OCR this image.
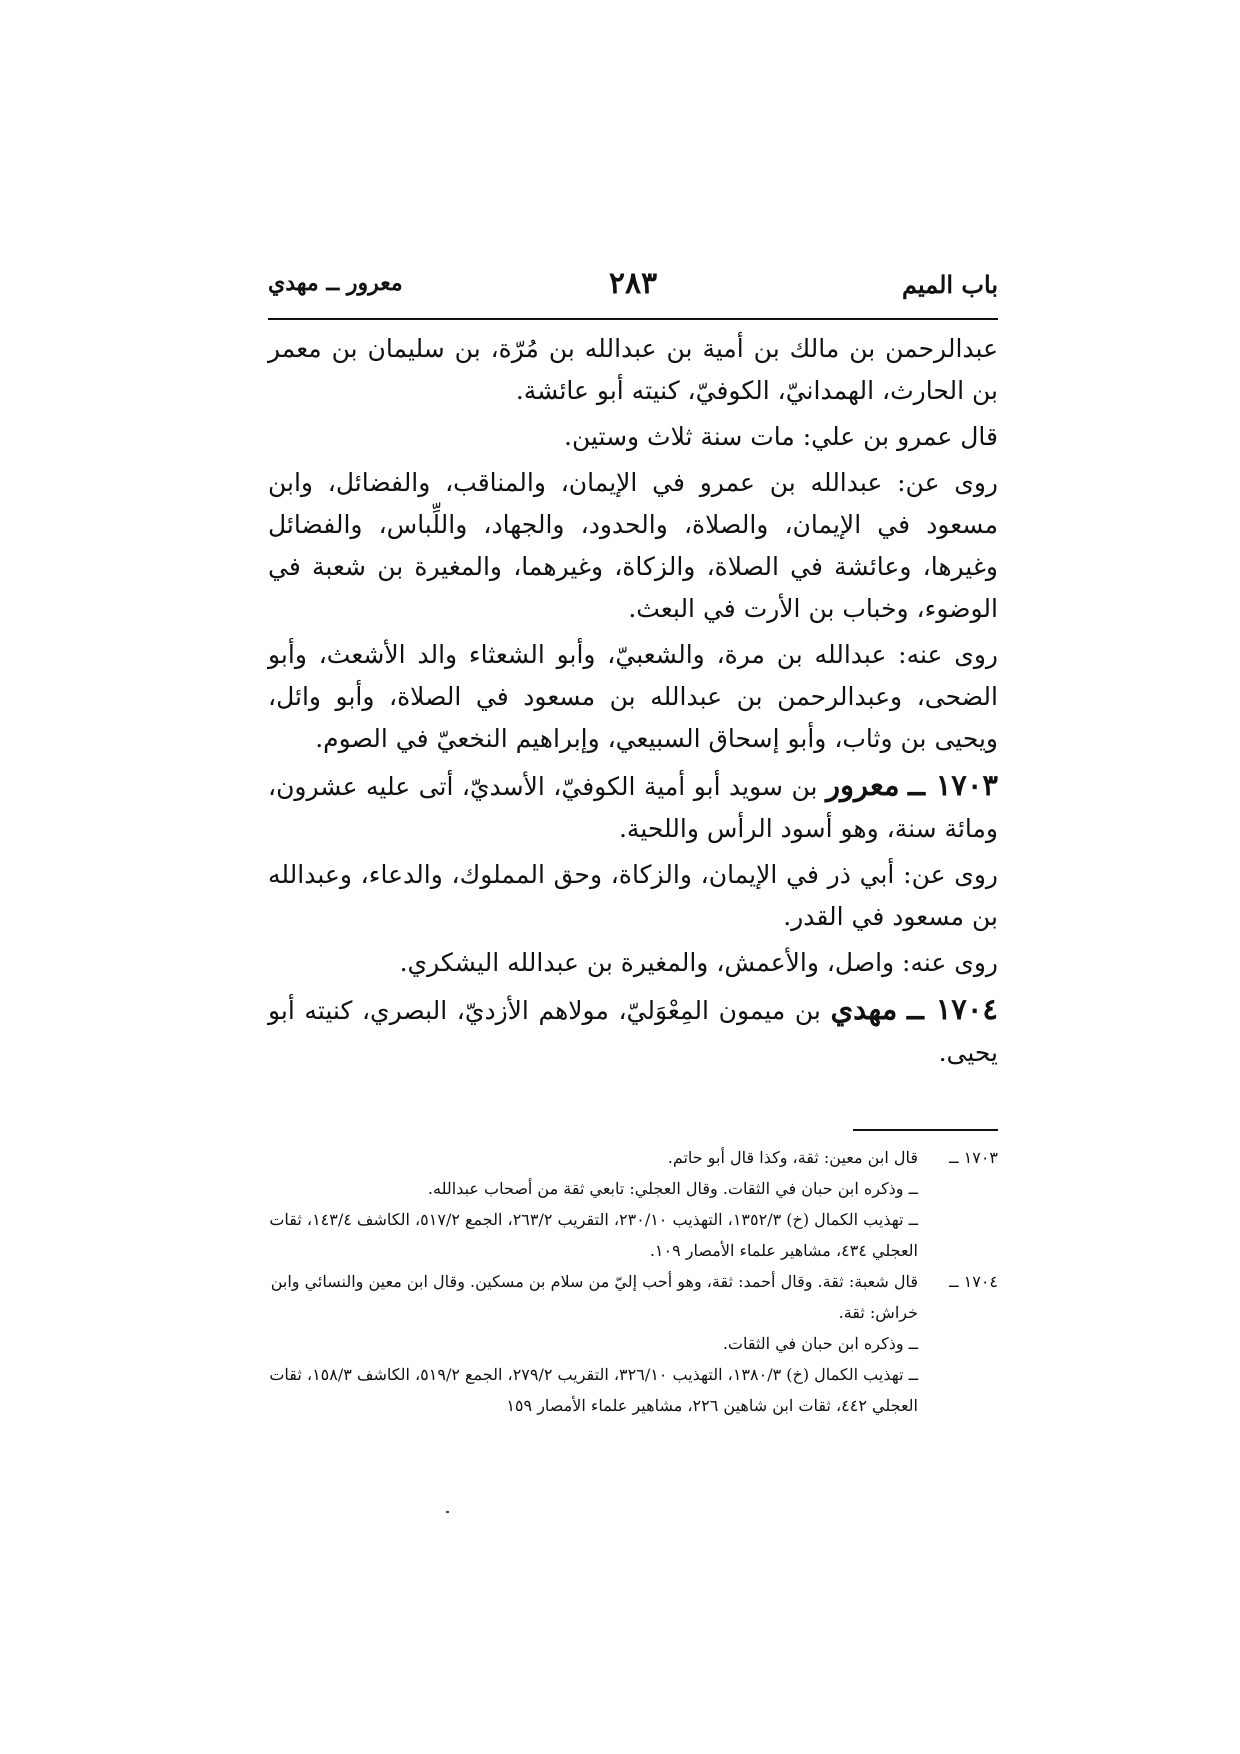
باب الميم
٢٨٣
معرور ــ مهدي

عبدالرحمن بن مالك بن أمية بن عبدالله بن مُرّة، بن سليمان بن معمر بن الحارث، الهمدانيّ، الكوفيّ، كنيته أبو عائشة.

قال عمرو بن علي: مات سنة ثلاث وستين.

روى عن: عبدالله بن عمرو في الإيمان، والمناقب، والفضائل، وابن مسعود في الإيمان، والصلاة، والحدود، والجهاد، واللِّباس، والفضائل وغيرها، وعائشة في الصلاة، والزكاة، وغيرهما، والمغيرة بن شعبة في الوضوء، وخباب بن الأرت في البعث.

روى عنه: عبدالله بن مرة، والشعبيّ، وأبو الشعثاء والد الأشعث، وأبو الضحى، وعبدالرحمن بن عبدالله بن مسعود في الصلاة، وأبو وائل، ويحيى بن وثاب، وأبو إسحاق السبيعي، وإبراهيم النخعيّ في الصوم.

١٧٠٣ ــ معرور بن سويد أبو أمية الكوفيّ، الأسديّ، أتى عليه عشرون، ومائة سنة، وهو أسود الرأس واللحية.

روى عن: أبي ذر في الإيمان، والزكاة، وحق المملوك، والدعاء، وعبدالله بن مسعود في القدر.

روى عنه: واصل، والأعمش، والمغيرة بن عبدالله اليشكري.

١٧٠٤ ــ مهدي بن ميمون المِعْوَليّ، مولاهم الأزديّ، البصري، كنيته أبو يحيى.

١٧٠٣ ــ
قال ابن معين: ثقة، وكذا قال أبو حاتم.
ــ وذكره ابن حبان في الثقات. وقال العجلي: تابعي ثقة من أصحاب عبدالله.
ــ تهذيب الكمال (خ) ١٣٥٢/٣، التهذيب ٢٣٠/١٠، التقريب ٢٦٣/٢، الجمع ٥١٧/٢، الكاشف ١٤٣/٤، ثقات العجلي ٤٣٤، مشاهير علماء الأمصار ١٠٩.
١٧٠٤ ــ
قال شعبة: ثقة. وقال أحمد: ثقة، وهو أحب إليّ من سلام بن مسكين. وقال ابن معين والنسائي وابن خراش: ثقة.
ــ وذكره ابن حبان في الثقات.
ــ تهذيب الكمال (خ) ١٣٨٠/٣، التهذيب ٣٢٦/١٠، التقريب ٢٧٩/٢، الجمع ٥١٩/٢، الكاشف ١٥٨/٣، ثقات العجلي ٤٤٢، ثقات ابن شاهين ٢٢٦، مشاهير علماء الأمصار ١٥٩
